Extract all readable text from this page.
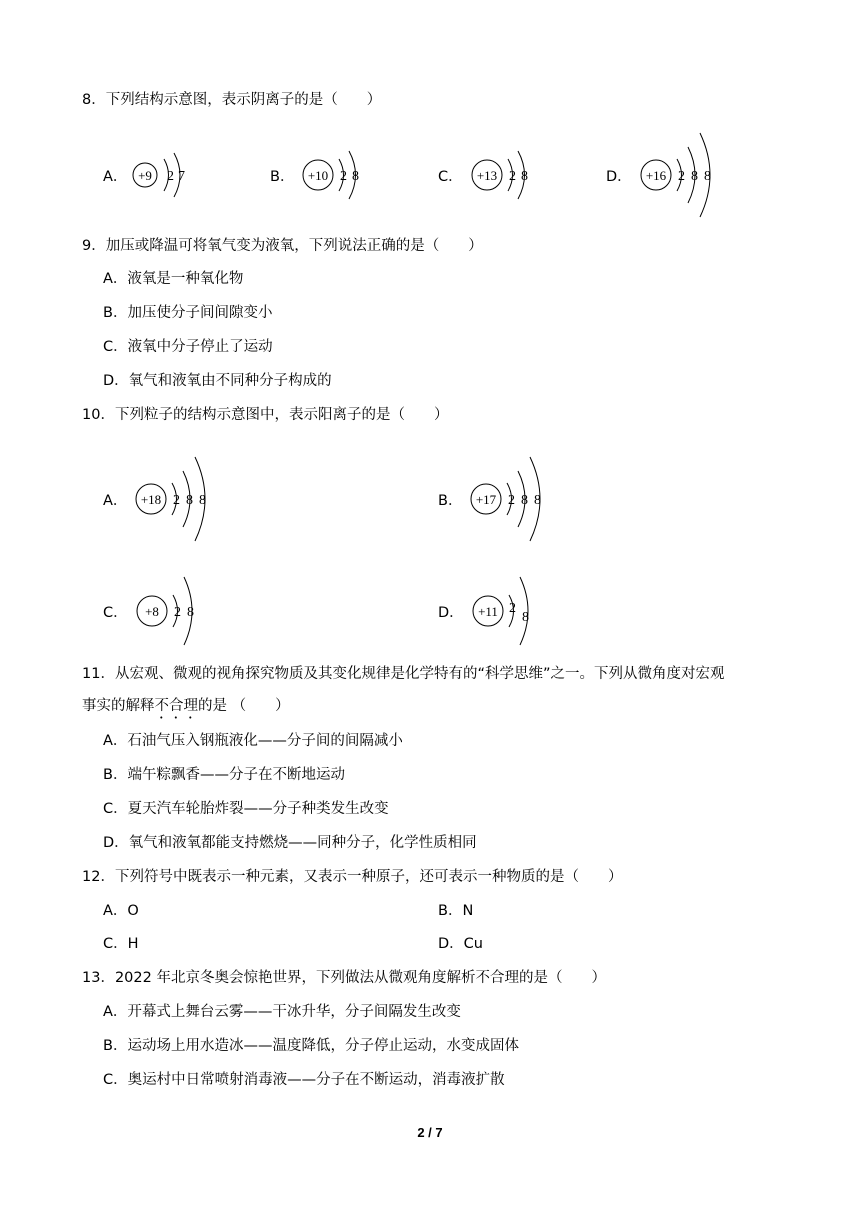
8．下列结构示意图，表示阴离子的是（　　）
A． +9 2 7	B． +10 2 8	C． +13 2 8	D． +16 2 8 8
9．加压或降温可将氧气变为液氧，下列说法正确的是（　　）
A．液氧是一种氧化物
B．加压使分子间间隙变小
C．液氧中分子停止了运动
D．氧气和液氧由不同种分子构成的
10．下列粒子的结构示意图中，表示阳离子的是（　　）
A． +18 2 8 8	B． +17 2 8 8
C． +8 2 8	D． +11 2
8
11．从宏观、微观的视角探究物质及其变化规律是化学特有的“科学思维”之一。下列从微角度对宏观
事实的解释不合理的是 （　　）
A．石油气压入钢瓶液化——分子间的间隔减小
B．端午粽飘香——分子在不断地运动
C．夏天汽车轮胎炸裂——分子种类发生改变
D．氧气和液氧都能支持燃烧——同种分子，化学性质相同
12．下列符号中既表示一种元素，又表示一种原子，还可表示一种物质的是（　　）
A．O	B．N
C．H	D．Cu
13．2022 年北京冬奥会惊艳世界，下列做法从微观角度解析不合理的是（　　）
A．开幕式上舞台云雾——干冰升华，分子间隔发生改变
B．运动场上用水造冰——温度降低，分子停止运动，水变成固体
C．奥运村中日常喷射消毒液——分子在不断运动，消毒液扩散
2 / 7
